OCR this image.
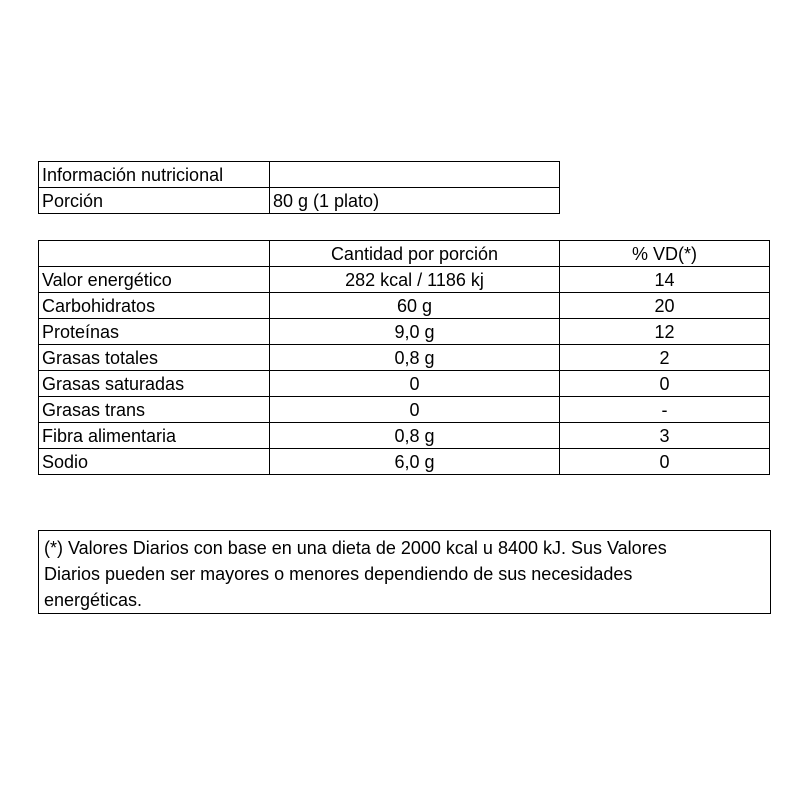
Información nutricional	
Porción	80 g (1 plato)
	Cantidad por porción	% VD(*)
Valor energético	282 kcal / 1186 kj	14
Carbohidratos	60 g	20
Proteínas	9,0 g	12
Grasas totales	0,8 g	2
Grasas saturadas	0	0
Grasas trans	0	-
Fibra alimentaria	0,8 g	3
Sodio	6,0 g	0
(*) Valores Diarios con base en una dieta de 2000 kcal u 8400 kJ. Sus Valores
Diarios pueden ser mayores o menores dependiendo de sus necesidades
energéticas.
